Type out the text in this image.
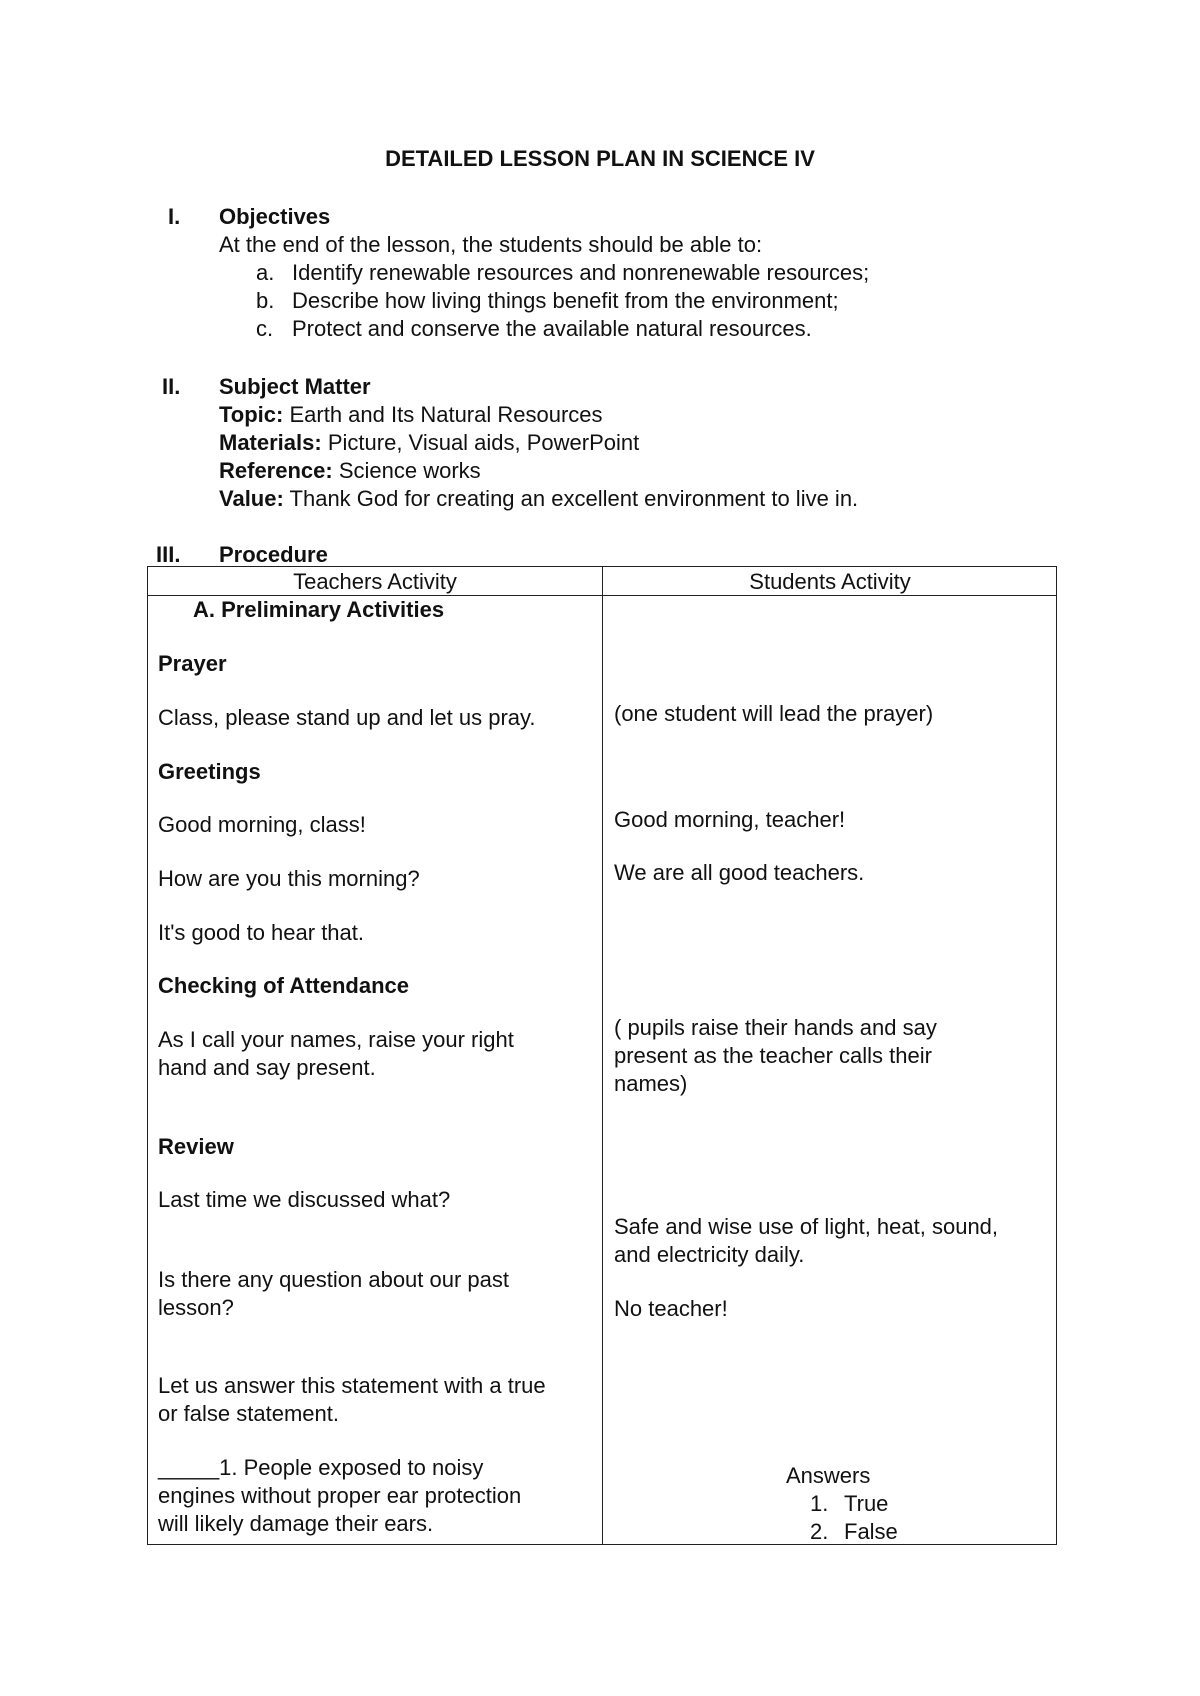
DETAILED LESSON PLAN IN SCIENCE IV
I. Objectives
At the end of the lesson, the students should be able to:
a. Identify renewable resources and nonrenewable resources;
b. Describe how living things benefit from the environment;
c. Protect and conserve the available natural resources.
II. Subject Matter
Topic: Earth and Its Natural Resources
Materials: Picture, Visual aids, PowerPoint
Reference: Science works
Value: Thank God for creating an excellent environment to live in.
III. Procedure
Teachers Activity	Students Activity
A. Preliminary Activities
Prayer
Class, please stand up and let us pray.
Greetings
Good morning, class!
How are you this morning?
It's good to hear that.
Checking of Attendance
As I call your names, raise your right
hand and say present.
Review
Last time we discussed what?
Is there any question about our past
lesson?
Let us answer this statement with a true
or false statement.
_____1. People exposed to noisy
engines without proper ear protection
will likely damage their ears.
(one student will lead the prayer)
Good morning, teacher!
We are all good teachers.
( pupils raise their hands and say
present as the teacher calls their
names)
Safe and wise use of light, heat, sound,
and electricity daily.
No teacher!
Answers
1. True
2. False
